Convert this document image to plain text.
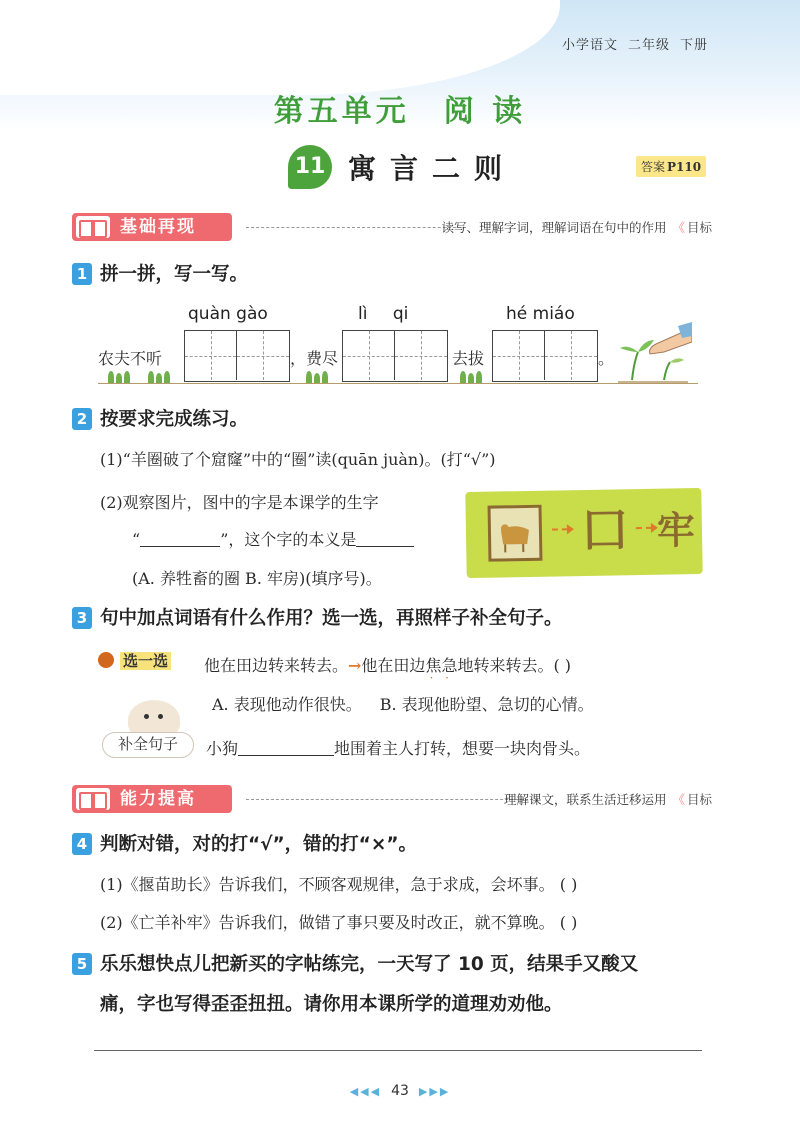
小学语文 二年级 下册
第五单元 阅 读
11 寓言二则	答案 P110
基础再现	读写、理解字词，理解词语在句中的作用 《 目标
1 拼一拼，写一写。
quàn gào	lì qi	hé miáo
农夫不听	，费尽	去拔	。
2 按要求完成练习。
(1)“羊圈破了个窟窿”中的“圈”读(quān juàn)。(打“√”)
(2)观察图片，图中的字是本课学的生字
“	”，这个字的本义是
(A. 养牲畜的圈 B. 牢房)(填序号)。
囗 牢
3 句中加点词语有什么作用？选一选，再照样子补全句子。
选一选 他在田边转来转去。→他在田边焦急地 · ·转来转去。( )
A. 表现他动作很快。 B. 表现他盼望、急切的心情。
补全句子	小狗	地围着主人打转，想要一块肉骨头。
能力提高	理解课文，联系生活迁移运用 《 目标
4 判断对错，对的打“√”，错的打“×”。
(1)《揠苗助长》告诉我们，不顾客观规律，急于求成，会坏事。 ( )
(2)《亡羊补牢》告诉我们，做错了事只要及时改正，就不算晚。 ( )
5 乐乐想快点儿把新买的字帖练完，一天写了 10 页，结果手又酸又
痛，字也写得歪歪扭扭。请你用本课所学的道理劝劝他。
◀◀◀ 43 ▶▶▶
